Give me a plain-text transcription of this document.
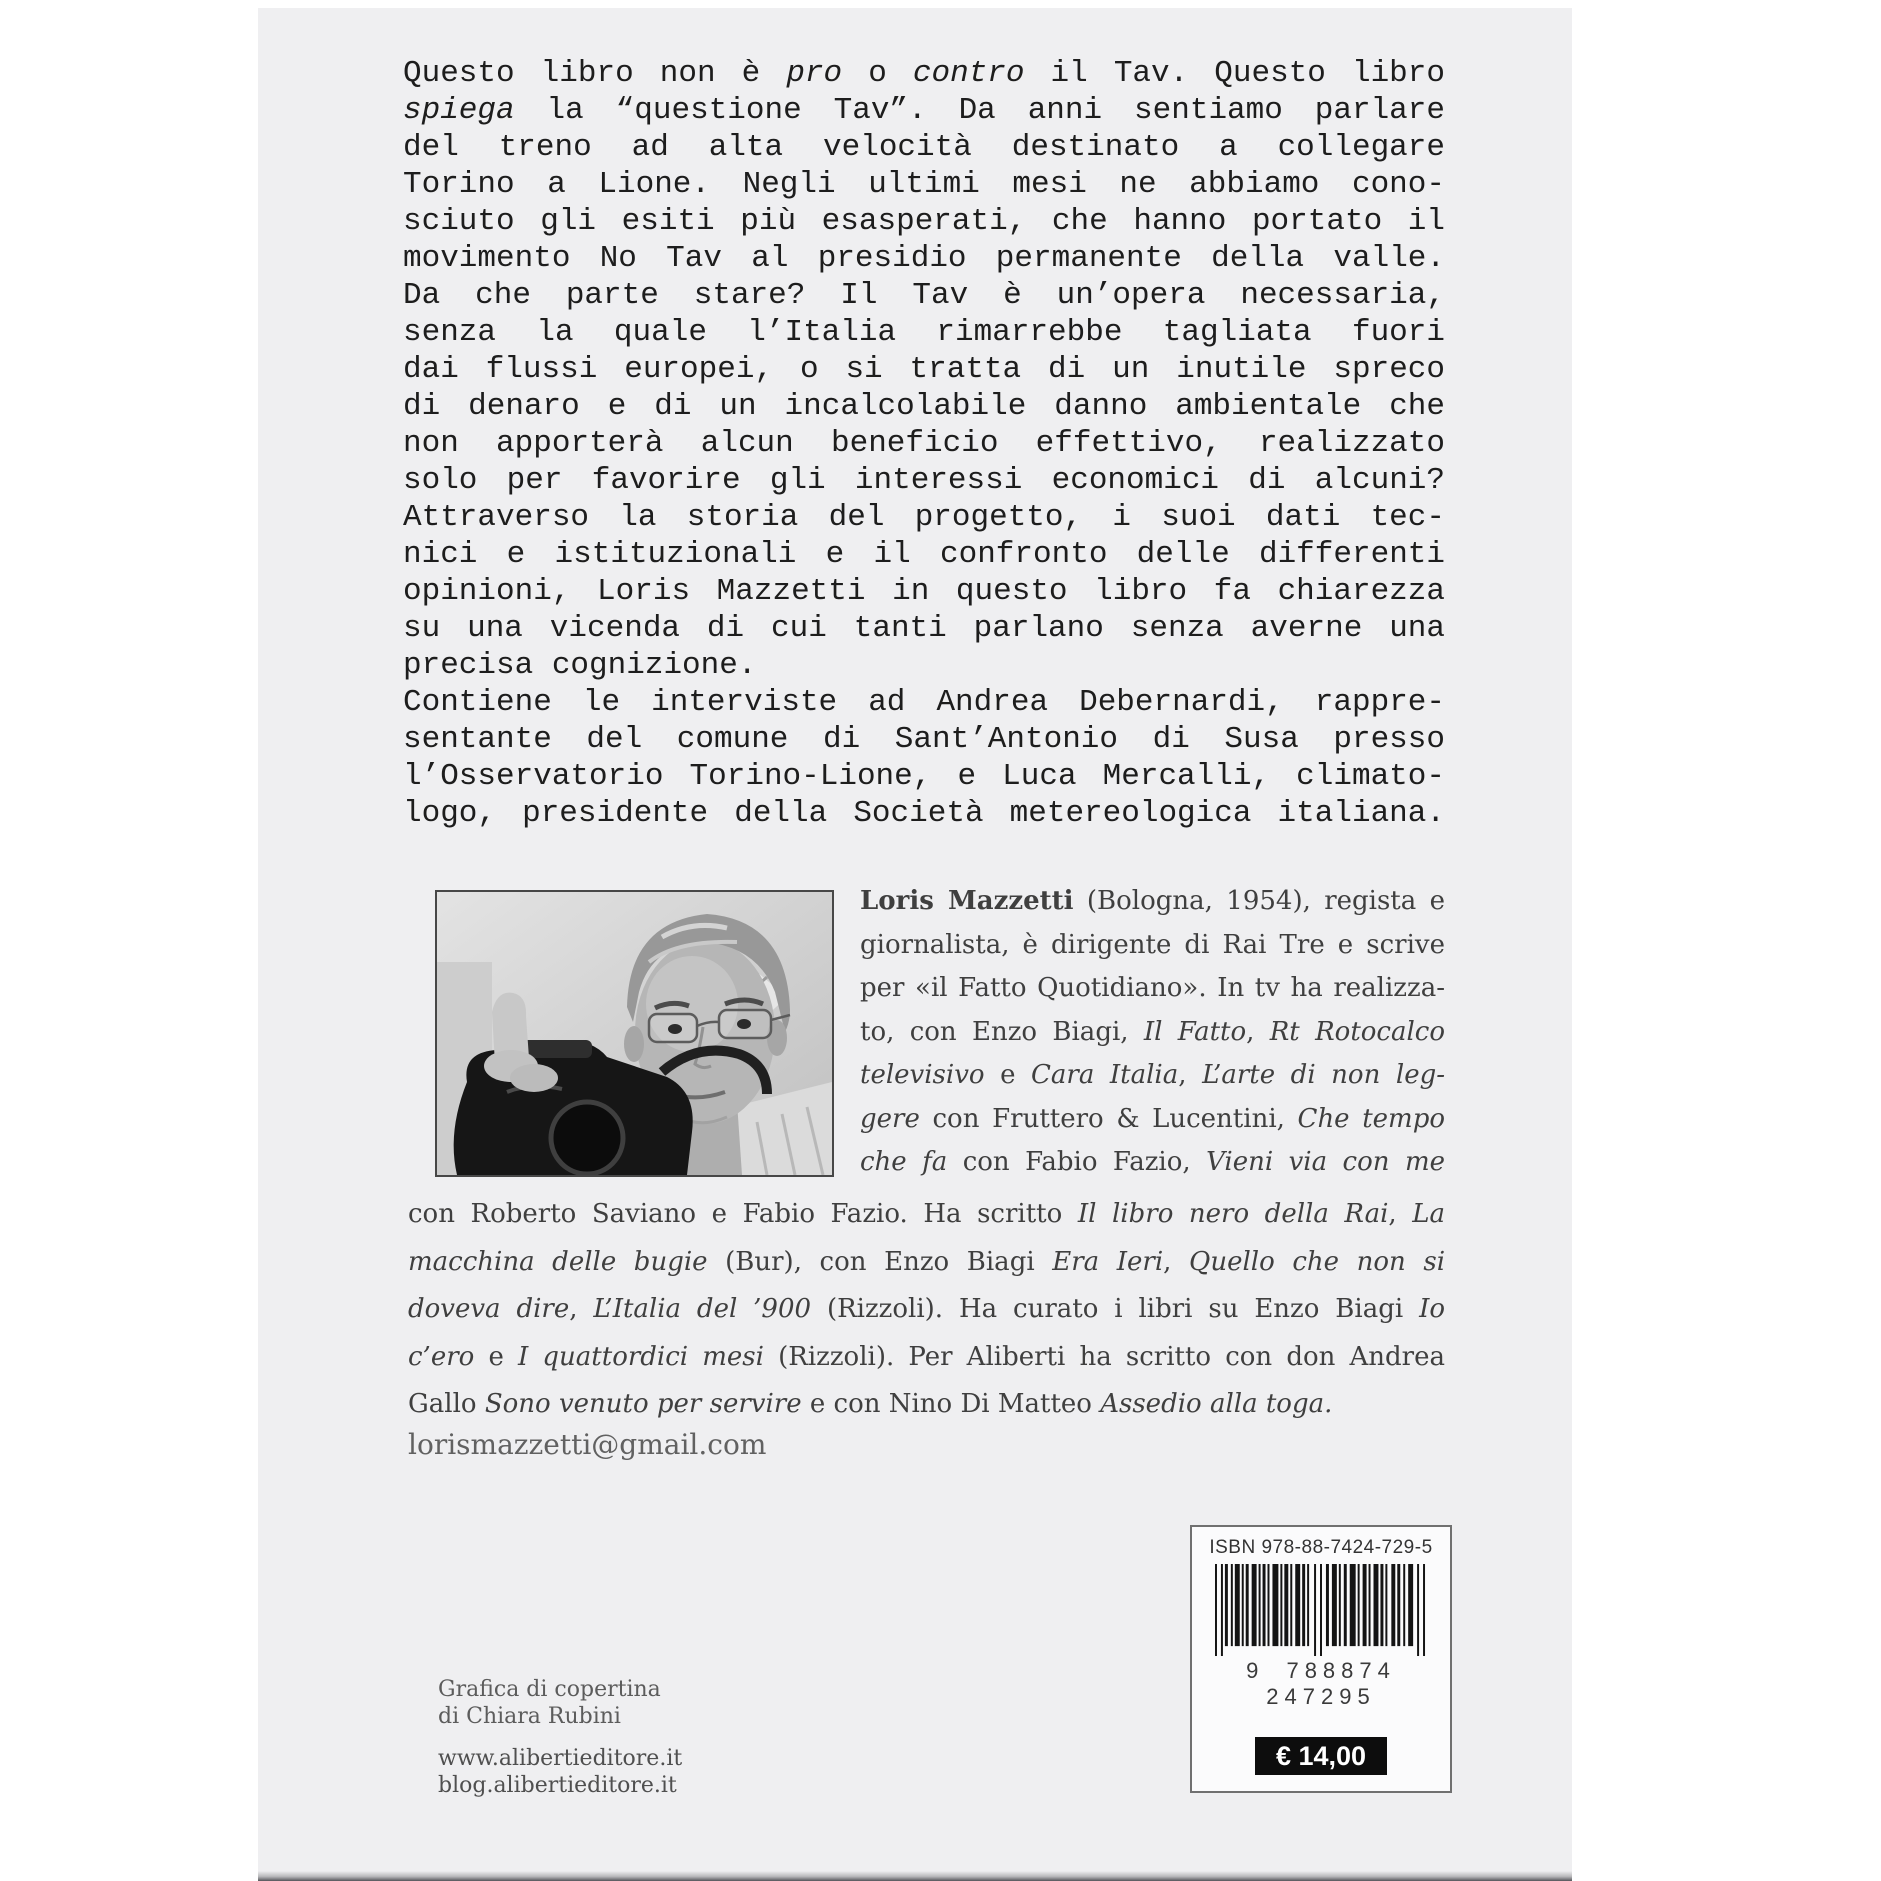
Questo libro non è pro o contro il Tav. Questo libro
spiega la “questione Tav”. Da anni sentiamo parlare
del treno ad alta velocità destinato a collegare
Torino a Lione. Negli ultimi mesi ne abbiamo cono-
sciuto gli esiti più esasperati, che hanno portato il
movimento No Tav al presidio permanente della valle.
Da che parte stare? Il Tav è un’opera necessaria,
senza la quale l’Italia rimarrebbe tagliata fuori
dai flussi europei, o si tratta di un inutile spreco
di denaro e di un incalcolabile danno ambientale che
non apporterà alcun beneficio effettivo, realizzato
solo per favorire gli interessi economici di alcuni?
Attraverso la storia del progetto, i suoi dati tec-
nici e istituzionali e il confronto delle differenti
opinioni, Loris Mazzetti in questo libro fa chiarezza
su una vicenda di cui tanti parlano senza averne una
precisa cognizione.
Contiene le interviste ad Andrea Debernardi, rappre-
sentante del comune di Sant’Antonio di Susa presso
l’Osservatorio Torino-Lione, e Luca Mercalli, climato-
logo, presidente della Società metereologica italiana.
Loris Mazzetti (Bologna, 1954), regista e
giornalista, è dirigente di Rai Tre e scrive
per «il Fatto Quotidiano». In tv ha realizza-
to, con Enzo Biagi, Il Fatto, Rt Rotocalco
televisivo e Cara Italia, L’arte di non leg-
gere con Fruttero & Lucentini, Che tempo
che fa con Fabio Fazio, Vieni via con me
con Roberto Saviano e Fabio Fazio. Ha scritto Il libro nero della Rai, La
macchina delle bugie (Bur), con Enzo Biagi Era Ieri, Quello che non si
doveva dire, L’Italia del ’900 (Rizzoli). Ha curato i libri su Enzo Biagi Io
c’ero e I quattordici mesi (Rizzoli). Per Aliberti ha scritto con don Andrea
Gallo Sono venuto per servire e con Nino Di Matteo Assedio alla toga.
lorismazzetti@gmail.com
Grafica di copertina
di Chiara Rubini
www.alibertieditore.it
blog.alibertieditore.it
ISBN 978-88-7424-729-5
9 788874 247295
€ 14,00
